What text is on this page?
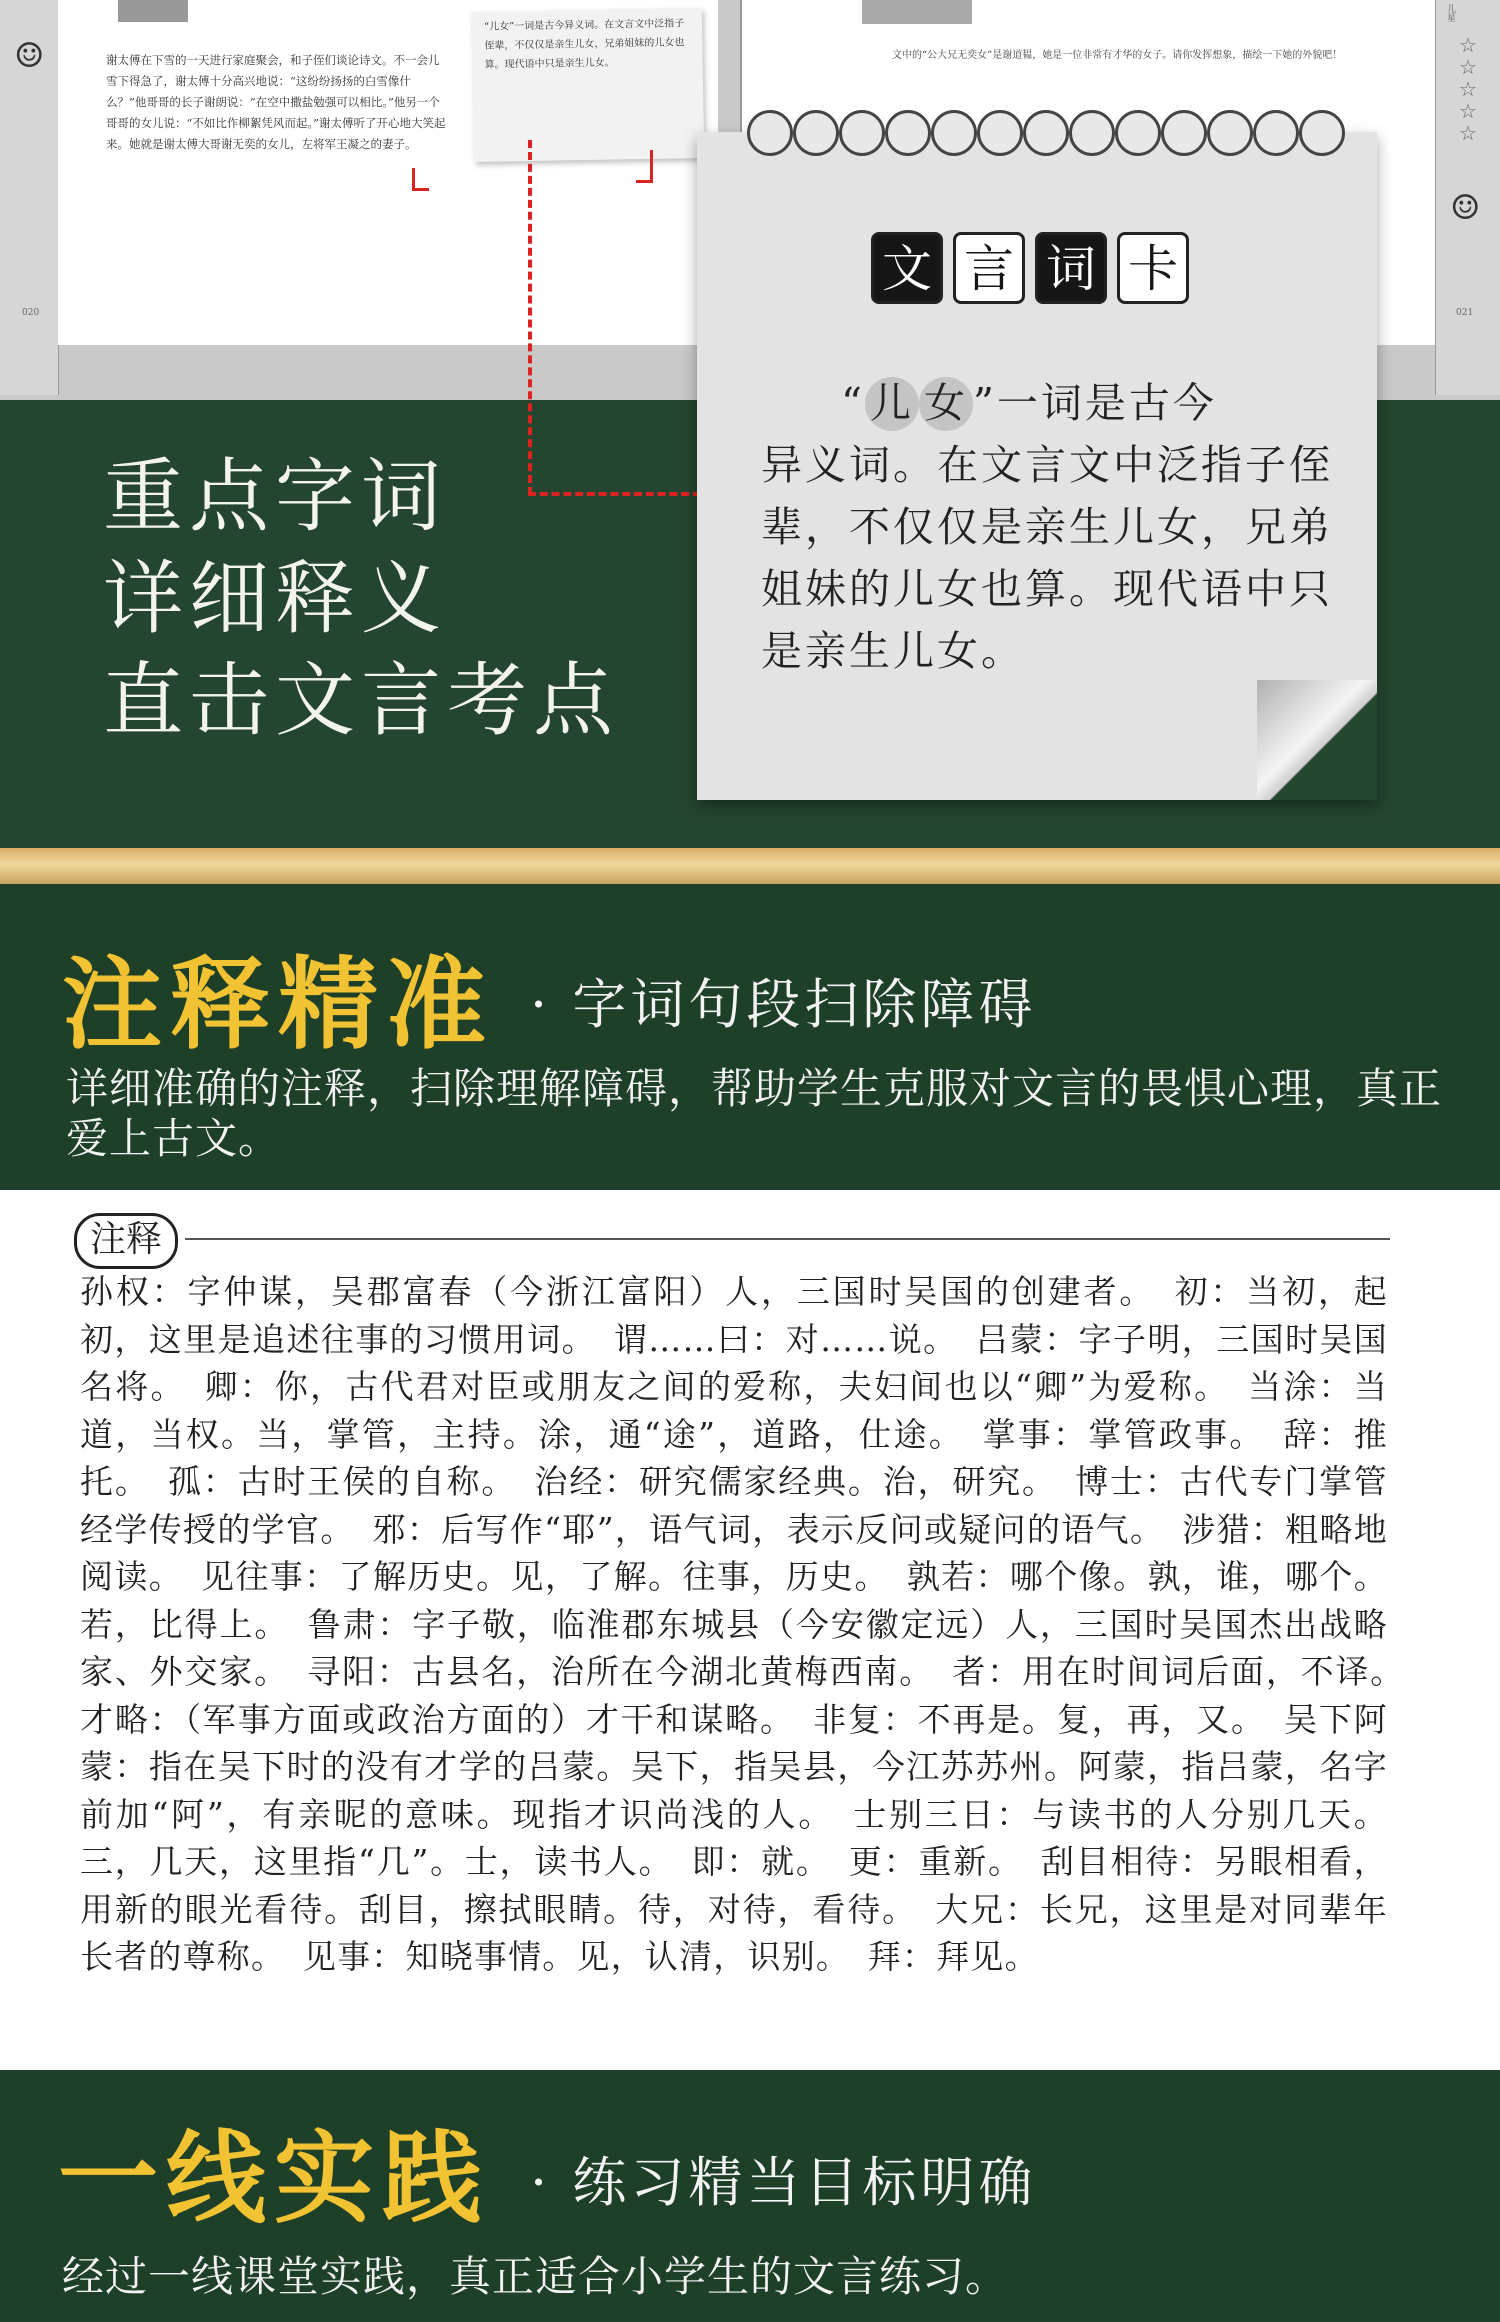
☺
020
谢太傅在下雪的一天进行家庭聚会，和子侄们谈论诗文。不一会儿雪下得急了，谢太傅十分高兴地说：“这纷纷扬扬的白雪像什么？”他哥哥的长子谢朗说：“在空中撒盐勉强可以相比。”他另一个哥哥的女儿说：“不如比作柳絮凭风而起。”谢太傅听了开心地大笑起来。她就是谢太傅大哥谢无奕的女儿，左将军王凝之的妻子。
“儿女”一词是古今异义词。在文言文中泛指子侄辈，不仅仅是亲生儿女，兄弟姐妹的儿女也算。现代语中只是亲生儿女。
文中的“公大兄无奕女”是谢道韫，她是一位非常有才华的女子。请你发挥想象，描绘一下她的外貌吧！
儿星
☆
☆
☆
☆
☆
☺
021
重点字词
详细释义
直击文言考点
文 言 词 卡
“ 儿 女 ”一词是古今
异义词。在文言文中泛指子侄辈，不仅仅是亲生儿女，兄弟姐妹的儿女也算。现代语中只是亲生儿女。
注释精准 · 字词句段扫除障碍
详细准确的注释，扫除理解障碍，帮助学生克服对文言的畏惧心理，真正爱上古文。
注释
孙权：字仲谋，吴郡富春（今浙江富阳）人，三国时吴国的创建者。　初：当初，起初，这里是追述往事的习惯用词。　谓……曰：对……说。　吕蒙：字子明，三国时吴国名将。　卿：你，古代君对臣或朋友之间的爱称，夫妇间也以“卿”为爱称。　当涂：当道，当权。当，掌管，主持。涂，通“途”，道路，仕途。　掌事：掌管政事。　辞：推托。　孤：古时王侯的自称。　治经：研究儒家经典。治，研究。　博士：古代专门掌管经学传授的学官。　邪：后写作“耶”，语气词，表示反问或疑问的语气。　涉猎：粗略地阅读。　见往事：了解历史。见，了解。往事，历史。　孰若：哪个像。孰，谁，哪个。若，比得上。　鲁肃：字子敬，临淮郡东城县（今安徽定远）人，三国时吴国杰出战略家、外交家。　寻阳：古县名，治所在今湖北黄梅西南。　者：用在时间词后面，不译。　才略：（军事方面或政治方面的）才干和谋略。　非复：不再是。复，再，又。　吴下阿蒙：指在吴下时的没有才学的吕蒙。吴下，指吴县，今江苏苏州。阿蒙，指吕蒙，名字前加“阿”，有亲昵的意味。现指才识尚浅的人。　士别三日：与读书的人分别几天。三，几天，这里指“几”。士，读书人。　即：就。　更：重新。　刮目相待：另眼相看，用新的眼光看待。刮目，擦拭眼睛。待，对待，看待。　大兄：长兄，这里是对同辈年长者的尊称。　见事：知晓事情。见，认清，识别。　拜：拜见。
一线实践 · 练习精当目标明确
经过一线课堂实践，真正适合小学生的文言练习。
